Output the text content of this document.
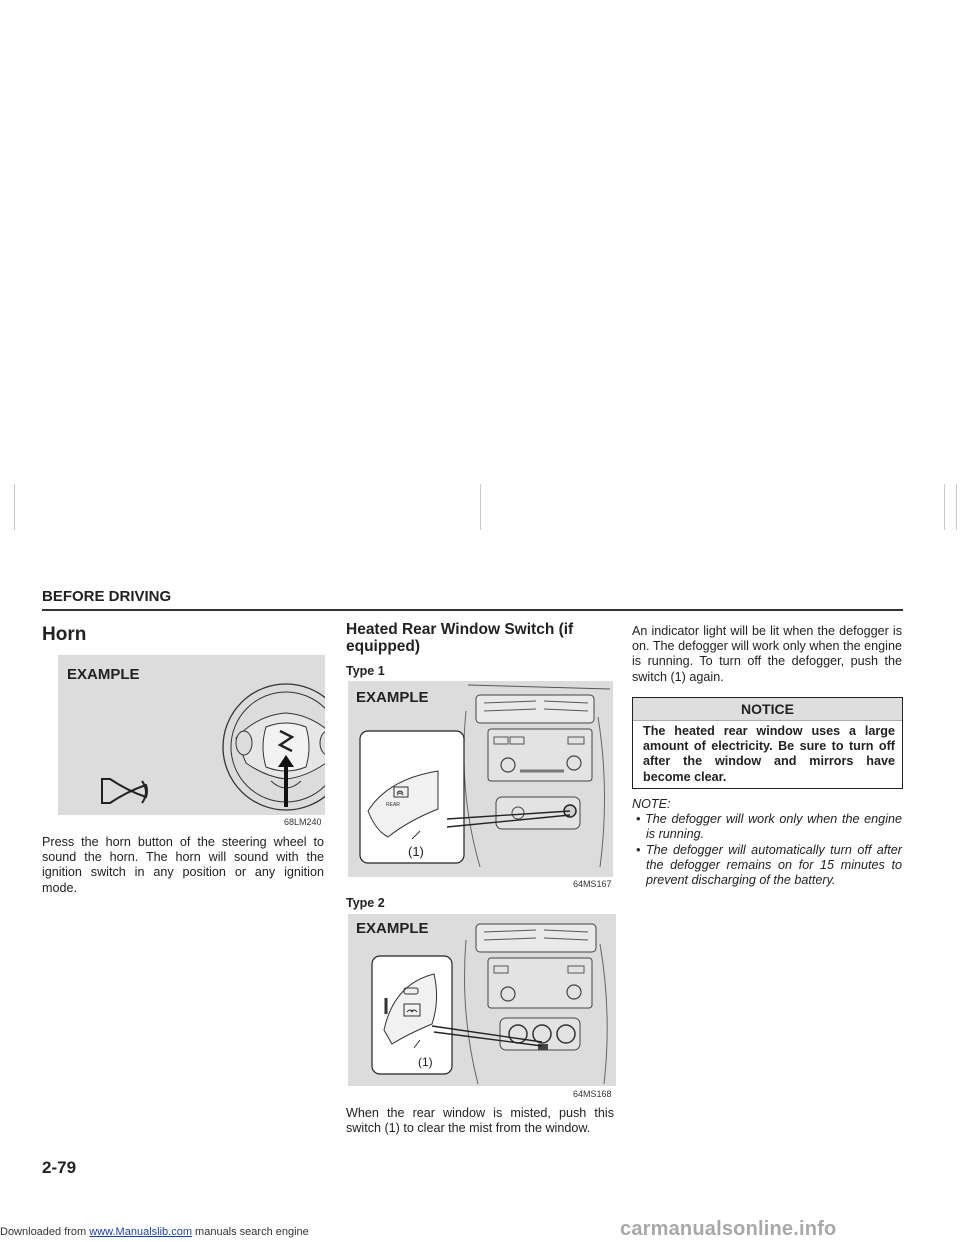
BEFORE DRIVING
Horn
EXAMPLE
68LM240
Press the horn button of the steering wheel to sound the horn. The horn will sound with the ignition switch in any position or any ignition mode.
Heated Rear Window Switch (if equipped)
Type 1
EXAMPLE
REAR
(1)
64MS167
Type 2
EXAMPLE
(1)
64MS168
When the rear window is misted, push this switch (1) to clear the mist from the window.
An indicator light will be lit when the defogger is on. The defogger will work only when the engine is running. To turn off the defogger, push the switch (1) again.
NOTICE
The heated rear window uses a large amount of electricity. Be sure to turn off after the window and mirrors have become clear.
NOTE:
• The defogger will work only when the engine is running.
• The defogger will automatically turn off after the defogger remains on for 15 minutes to prevent discharging of the battery.
2-79
Downloaded from www.Manualslib.com manuals search engine	carmanualsonline.info
